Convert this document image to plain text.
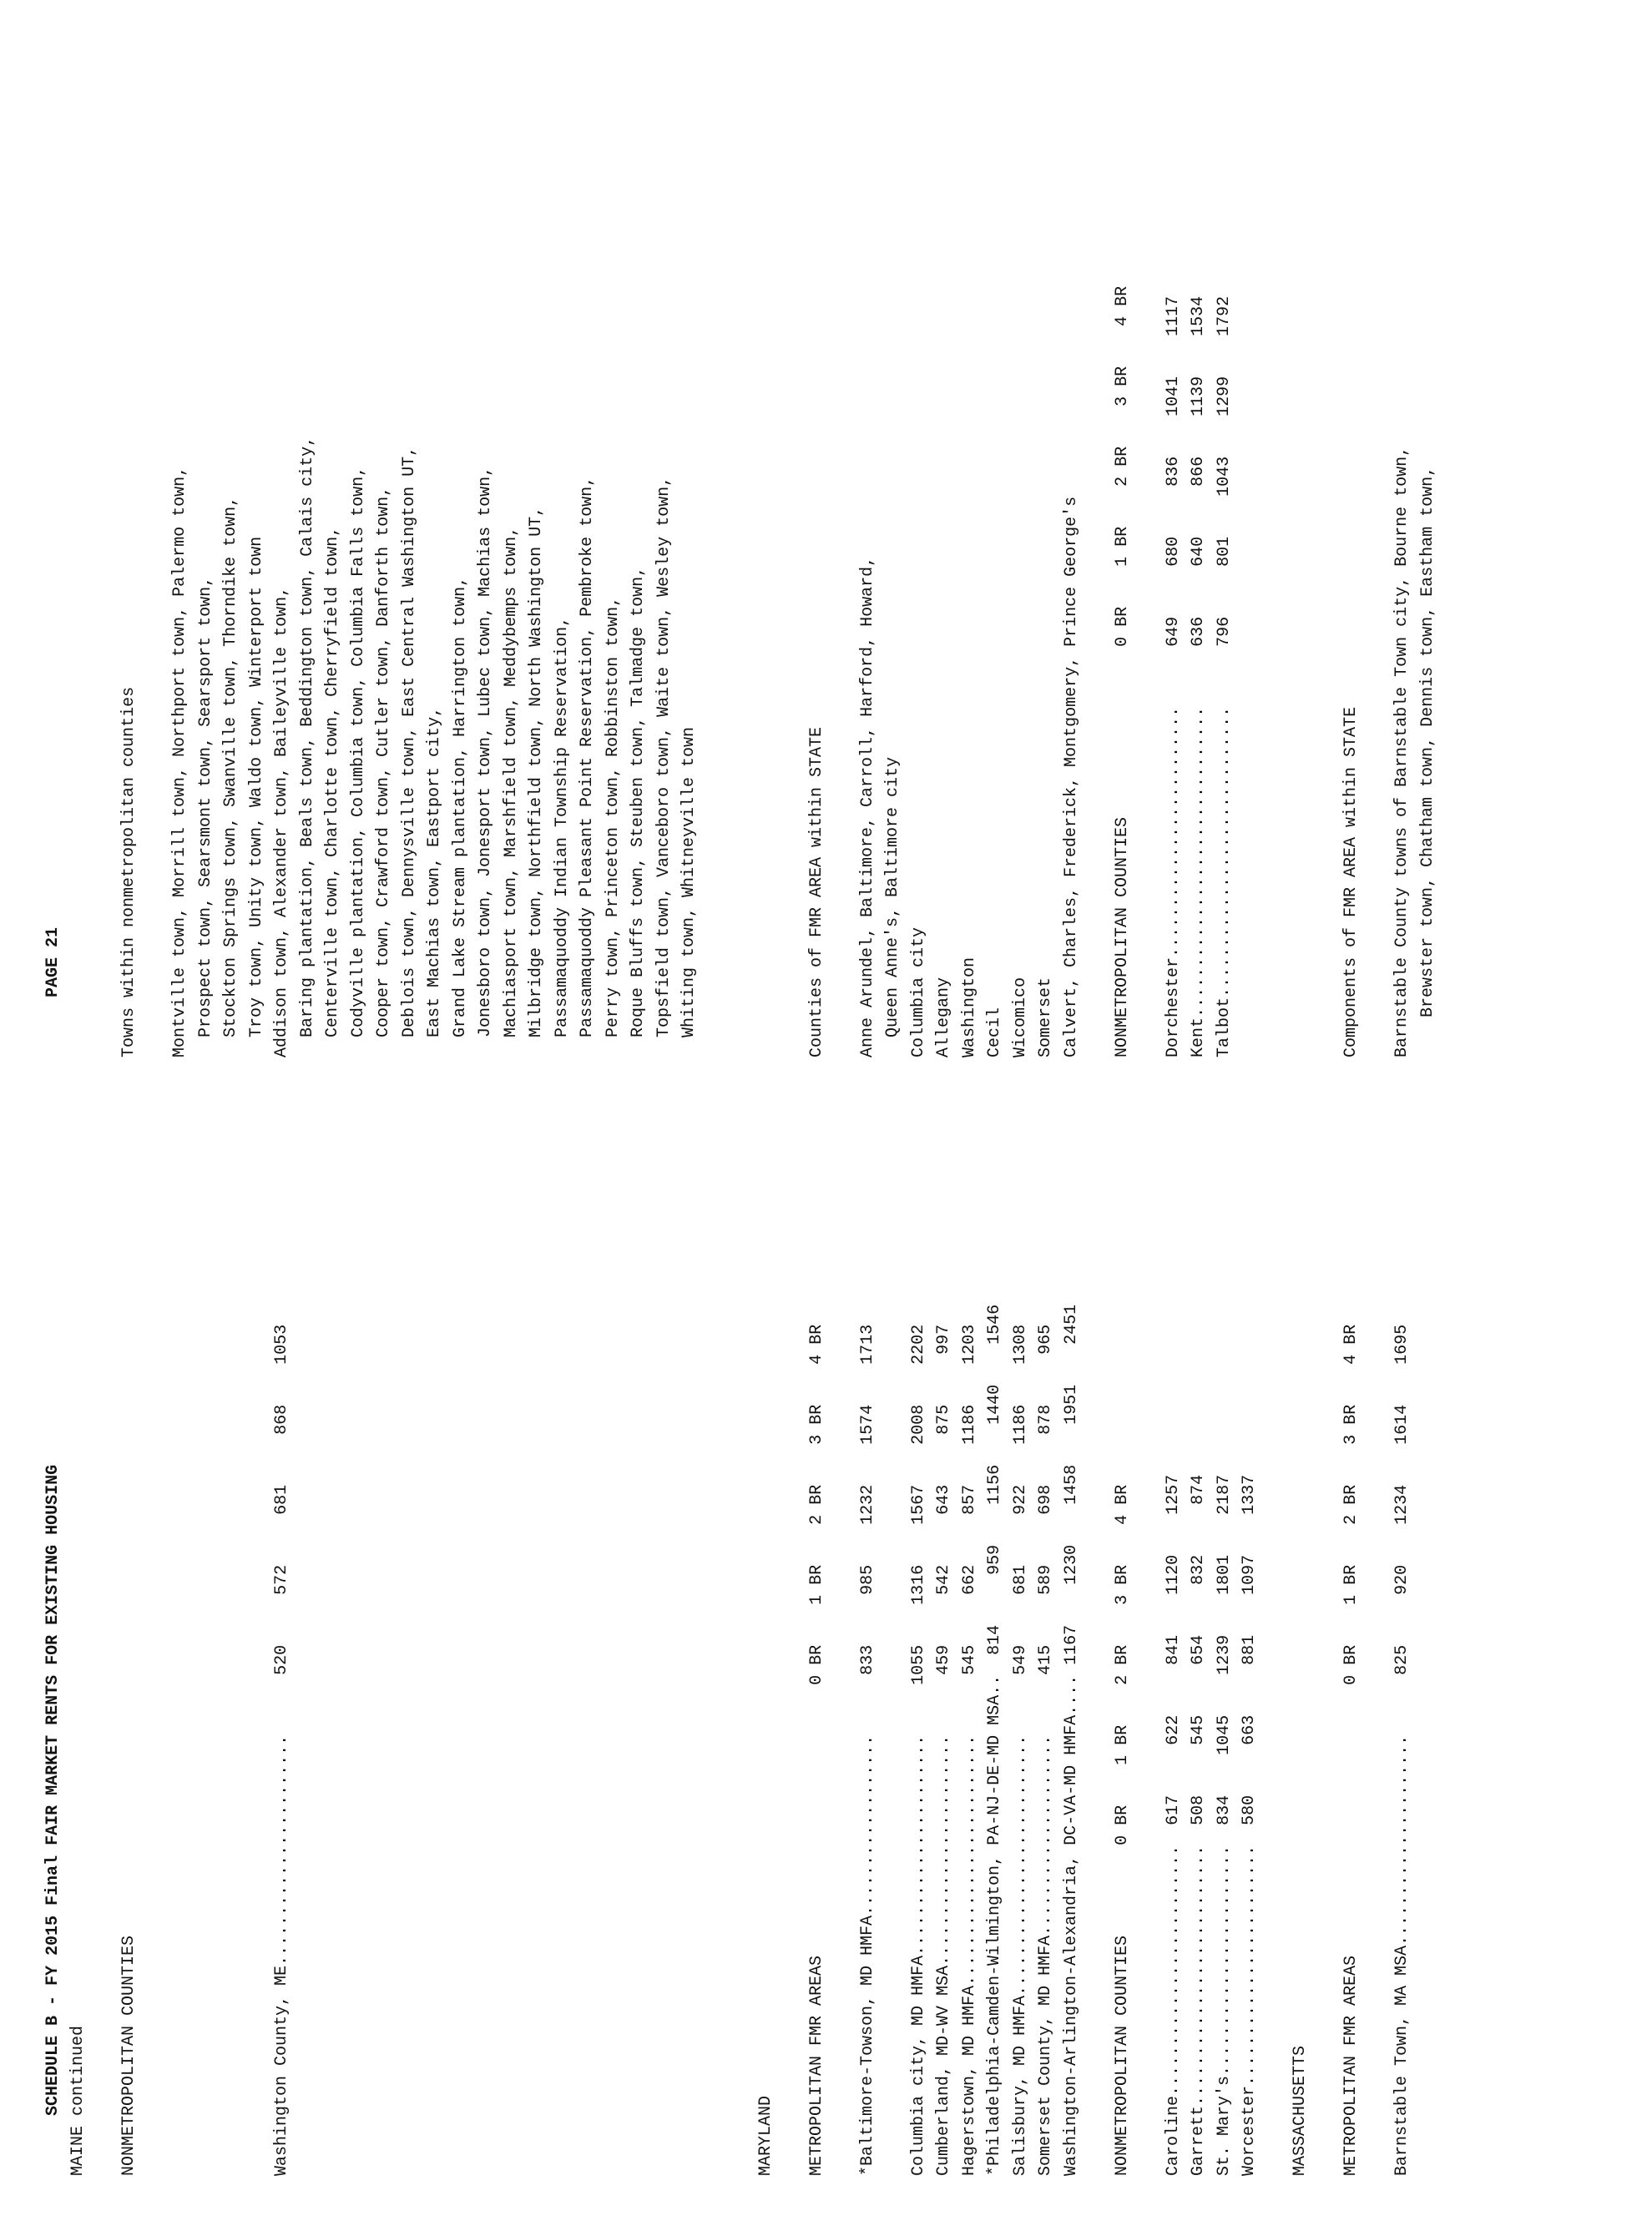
SCHEDULE B - FY 2015 Final FAIR MARKET RENTS FOR EXISTING HOUSINGPAGE 21

MAINE continued NONMETROPOLITAN COUNTIESTowns within nonmetropolitan counties Montville town, Morrill town, Northport town, Palermo town, Prospect town, Searsmont town, Searsport town, Stockton Springs town, Swanville town, Thorndike town, Troy town, Unity town, Waldo town, Winterport town
Washington County, ME.......................      520     572     681     868    1053Addison town, Alexander town, Baileyville town, Baring plantation, Beals town, Beddington town, Calais city, Centerville town, Charlotte town, Cherryfield town, Codyville plantation, Columbia town, Columbia Falls town, Cooper town, Crawford town, Cutler town, Danforth town, Deblois town, Dennysville town, East Central Washington UT, East Machias town, Eastport city, Grand Lake Stream plantation, Harrington town, Jonesboro town, Jonesport town, Lubec town, Machias town, Machiasport town, Marshfield town, Meddybemps town, Milbridge town, Northfield town, North Washington UT, Passamaquoddy Indian Township Reservation, Passamaquoddy Pleasant Point Reservation, Pembroke town, Perry town, Princeton town, Robbinston town, Roque Bluffs town, Steuben town, Talmadge town, Topsfield town, Vanceboro town, Waite town, Wesley town, Whiting town, Whitneyville town
MARYLAND METROPOLITAN FMR AREAS                           0 BR    1 BR    2 BR    3 BR    4 BRCounties of FMR AREA within STATE
*Baltimore-Towson, MD HMFA..................      833     985    1232    1574    1713Anne Arundel, Baltimore, Carroll, Harford, Howard, Queen Anne's, Baltimore city
Columbia city, MD HMFA......................     1055    1316    1567    2008    2202Columbia city
Cumberland, MD-WV MSA.......................      459     542     643     875     997Allegany
Hagerstown, MD HMFA.........................      545     662     857    1186    1203Washington
*Philadelphia-Camden-Wilmington, PA-NJ-DE-MD MSA..  814     959    1156    1440    1546Cecil
Salisbury, MD HMFA..........................      549     681     922    1186    1308Wicomico
Somerset County, MD HMFA....................      415     589     698     878     965Somerset
Washington-Arlington-Alexandria, DC-VA-MD HMFA.... 1167    1230    1458    1951    2451Calvert, Charles, Frederick, Montgomery, Prince George's
NONMETROPOLITAN COUNTIES         0 BR    1 BR    2 BR    3 BR    4 BRNONMETROPOLITAN COUNTIES                 0 BR    1 BR    2 BR    3 BR    4 BR
Caroline.........................  617     622     841    1120    1257Dorchester.........................      649     680     836    1041    1117
Garrett..........................  508     545     654     832     874Kent...............................      636     640     866    1139    1534
St. Mary's.......................  834    1045    1239    1801    2187Talbot.............................      796     801    1043    1299    1792
Worcester........................  580     663     881    1097    1337 MASSACHUSETTS METROPOLITAN FMR AREAS                           0 BR    1 BR    2 BR    3 BR    4 BRComponents of FMR AREA within STATE
Barnstable Town, MA MSA.....................      825     920    1234    1614    1695Barnstable County towns of Barnstable Town city, Bourne town, Brewster town, Chatham town, Dennis town, Eastham town,
